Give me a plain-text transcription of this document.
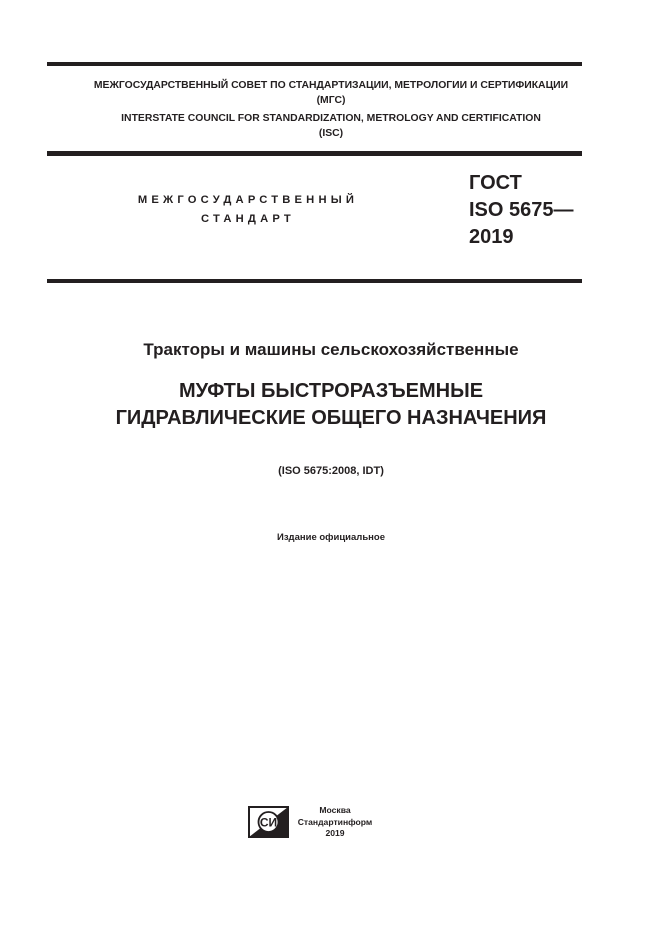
МЕЖГОСУДАРСТВЕННЫЙ СОВЕТ ПО СТАНДАРТИЗАЦИИ, МЕТРОЛОГИИ И СЕРТИФИКАЦИИ
(МГС)
INTERSTATE COUNCIL FOR STANDARDIZATION, METROLOGY AND CERTIFICATION
(ISC)
МЕЖГОСУДАРСТВЕННЫЙ
СТАНДАРТ
ГОСТ
ISO 5675—
2019
Тракторы и машины сельскохозяйственные
МУФТЫ БЫСТРОРАЗЪЕМНЫЕ
ГИДРАВЛИЧЕСКИЕ ОБЩЕГО НАЗНАЧЕНИЯ
(ISO 5675:2008, IDT)
Издание официальное
СИ
Москва
Стандартинформ
2019
